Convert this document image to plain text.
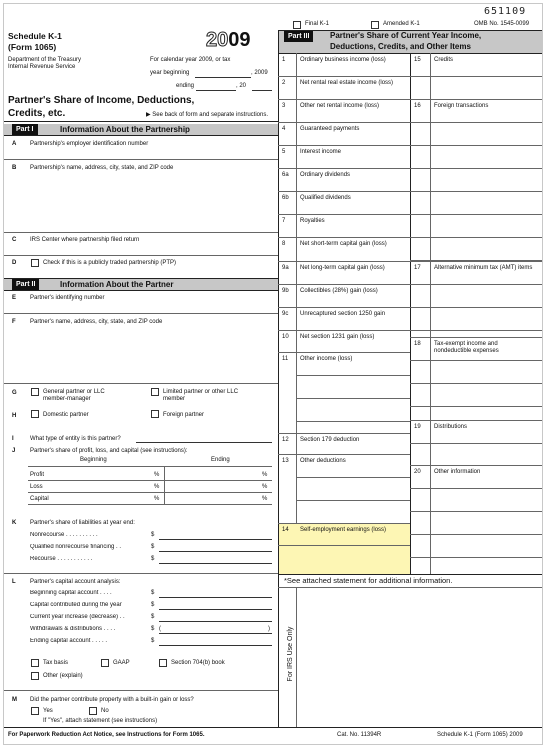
651109
Final K-1	Amended K-1	OMB No. 1545-0099
Schedule K-1
(Form 1065)	2009
Department of the Treasury
Internal Revenue Service
For calendar year 2009, or tax
year beginning	, 2009
ending	, 20
Partner's Share of Income, Deductions,
Credits, etc.	▶ See back of form and separate instructions.
Part I	Information About the Partnership
A Partnership's employer identification number
B Partnership's name, address, city, state, and ZIP code
C IRS Center where partnership filed return
D	Check if this is a publicly traded partnership (PTP)
Part II	Information About the Partner
E Partner's identifying number
F Partner's name, address, city, state, and ZIP code
G	General partner or LLC
member-manager
Limited partner or other LLC
member
H	Domestic partner	Foreign partner
I	What type of entity is this partner?
J Partner's share of profit, loss, and capital (see instructions):
Beginning	Ending
Profit	%	%
Loss	%	%
Capital	%	%
K Partner's share of liabilities at year end:
Nonrecourse . . . . . . . . . .	$
Qualified nonrecourse financing . .	$
Recourse . . . . . . . . . . .	$
L Partner's capital account analysis:
Beginning capital account . . . .	$
Capital contributed during the year	$
Current year increase (decrease) . .	$
Withdrawals & distributions . . . .	$ (	)
Ending capital account . . . . .	$
Tax basis	GAAP	Section 704(b) book
Other (explain)
M Did the partner contribute property with a built-in gain or loss?
Yes	No
If "Yes", attach statement (see instructions)
Part III	Partner's Share of Current Year Income,
Deductions, Credits, and Other Items
1 Ordinary business income (loss)
2 Net rental real estate income (loss)
3 Other net rental income (loss)
4 Guaranteed payments
5 Interest income
6a Ordinary dividends
6b Qualified dividends
7 Royalties
8 Net short-term capital gain (loss)
9a Net long-term capital gain (loss)
9b Collectibles (28%) gain (loss)
9c Unrecaptured section 1250 gain
10 Net section 1231 gain (loss)
11 Other income (loss)
12 Section 179 deduction
13 Other deductions
14 Self-employment earnings (loss)
15 Credits
16 Foreign transactions
17 Alternative minimum tax (AMT) items
18 Tax-exempt income and
nondeductible expenses
19 Distributions
20 Other information
*See attached statement for additional information.
For IRS Use Only
For Paperwork Reduction Act Notice, see Instructions for Form 1065.	Cat. No. 11394R	Schedule K-1 (Form 1065) 2009
